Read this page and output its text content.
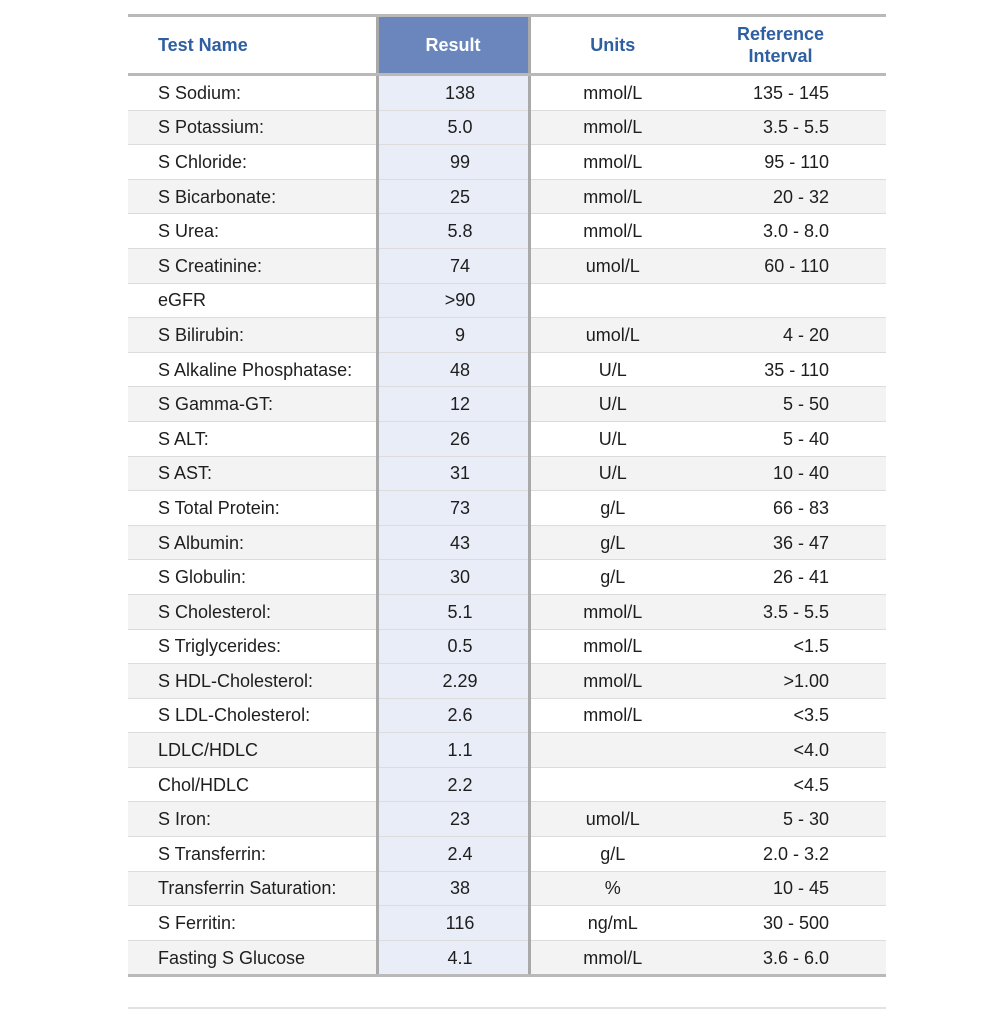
Test Name	Result	Units	Reference
Interval
S Sodium:	138	mmol/L	135 - 145
S Potassium:	5.0	mmol/L	3.5 - 5.5
S Chloride:	99	mmol/L	95 - 110
S Bicarbonate:	25	mmol/L	20 - 32
S Urea:	5.8	mmol/L	3.0 - 8.0
S Creatinine:	74	umol/L	60 - 110
eGFR	>90		
S Bilirubin:	9	umol/L	4 - 20
S Alkaline Phosphatase:	48	U/L	35 - 110
S Gamma-GT:	12	U/L	5 - 50
S ALT:	26	U/L	5 - 40
S AST:	31	U/L	10 - 40
S Total Protein:	73	g/L	66 - 83
S Albumin:	43	g/L	36 - 47
S Globulin:	30	g/L	26 - 41
S Cholesterol:	5.1	mmol/L	3.5 - 5.5
S Triglycerides:	0.5	mmol/L	<1.5
S HDL-Cholesterol:	2.29	mmol/L	>1.00
S LDL-Cholesterol:	2.6	mmol/L	<3.5
LDLC/HDLC	1.1		<4.0
Chol/HDLC	2.2		<4.5
S Iron:	23	umol/L	5 - 30
S Transferrin:	2.4	g/L	2.0 - 3.2
Transferrin Saturation:	38	%	10 - 45
S Ferritin:	116	ng/mL	30 - 500
Fasting S Glucose	4.1	mmol/L	3.6 - 6.0
